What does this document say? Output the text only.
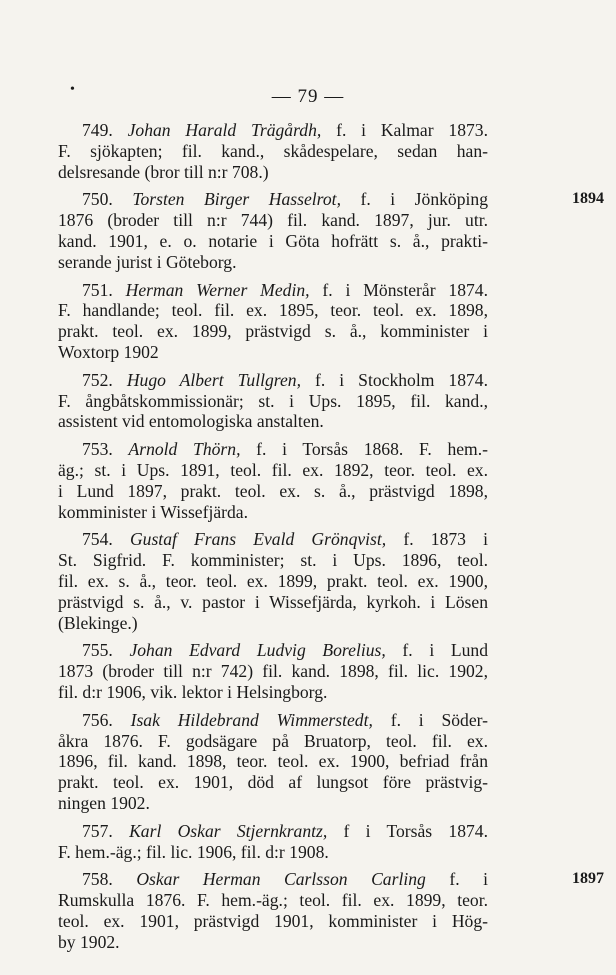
•	— 79 —
749. Johan Harald Trägårdh, f. i Kalmar 1873.
F. sjökapten; fil. kand., skådespelare, sedan han-
delsresande (bror till n:r 708.)
750. Torsten Birger Hasselrot, f. i Jönköping
1876 (broder till n:r 744) fil. kand. 1897, jur. utr.
kand. 1901, e. o. notarie i Göta hofrätt s. å., prakti-
serande jurist i Göteborg.
751. Herman Werner Medin, f. i Mönsterår 1874.
F. handlande; teol. fil. ex. 1895, teor. teol. ex. 1898,
prakt. teol. ex. 1899, prästvigd s. å., komminister i
Woxtorp 1902
752. Hugo Albert Tullgren, f. i Stockholm 1874.
F. ångbåtskommissionär; st. i Ups. 1895, fil. kand.,
assistent vid entomologiska anstalten.
753. Arnold Thörn, f. i Torsås 1868. F. hem.-
äg.; st. i Ups. 1891, teol. fil. ex. 1892, teor. teol. ex.
i Lund 1897, prakt. teol. ex. s. å., prästvigd 1898,
komminister i Wissefjärda.
754. Gustaf Frans Evald Grönqvist, f. 1873 i
St. Sigfrid. F. komminister; st. i Ups. 1896, teol.
fil. ex. s. å., teor. teol. ex. 1899, prakt. teol. ex. 1900,
prästvigd s. å., v. pastor i Wissefjärda, kyrkoh. i Lösen
(Blekinge.)
755. Johan Edvard Ludvig Borelius, f. i Lund
1873 (broder till n:r 742) fil. kand. 1898, fil. lic. 1902,
fil. d:r 1906, vik. lektor i Helsingborg.
756. Isak Hildebrand Wimmerstedt, f. i Söder-
åkra 1876. F. godsägare på Bruatorp, teol. fil. ex.
1896, fil. kand. 1898, teor. teol. ex. 1900, befriad från
prakt. teol. ex. 1901, död af lungsot före prästvig-
ningen 1902.
757. Karl Oskar Stjernkrantz, f i Torsås 1874.
F. hem.-äg.; fil. lic. 1906, fil. d:r 1908.
758. Oskar Herman Carlsson Carling f. i
Rumskulla 1876. F. hem.-äg.; teol. fil. ex. 1899, teor.
teol. ex. 1901, prästvigd 1901, komminister i Hög-
by 1902.
1894
1897
